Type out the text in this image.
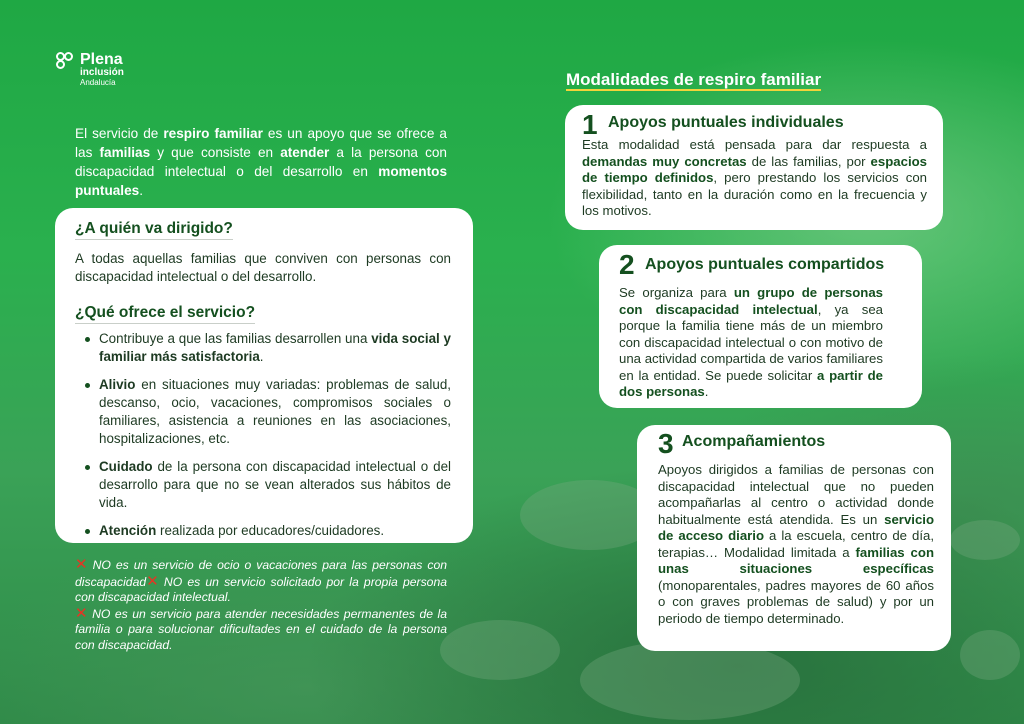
Plena
inclusión
Andalucía

El servicio de respiro familiar es un apoyo que se ofrece a las familias y que consiste en atender a la persona con discapacidad intelectual o del desarrollo en momentos puntuales.

¿A quién va dirigido?

A todas aquellas familias que conviven con personas con discapacidad intelectual o del desarrollo.

¿Qué ofrece el servicio?
Contribuye a que las familias desarrollen una vida social y familiar más satisfactoria.
Alivio en situaciones muy variadas: problemas de salud, descanso, ocio, vacaciones, compromisos sociales o familiares, asistencia a reuniones en las asociaciones, hospitalizaciones, etc.
Cuidado de la persona con discapacidad intelectual o del desarrollo para que no se vean alterados sus hábitos de vida.
Atención realizada por educadores/cuidadores.

✕ NO es un servicio de ocio o vacaciones para las personas con discapacidad✕ NO es un servicio solicitado por la propia persona con discapacidad intelectual.
✕ NO es un servicio para atender necesidades permanentes de la familia o para solucionar dificultades en el cuidado de la persona con discapacidad.

Modalidades de respiro familiar
1 Apoyos puntuales individuales

Esta modalidad está pensada para dar respuesta a demandas muy concretas de las familias, por espacios de tiempo definidos, pero prestando los servicios con flexibilidad, tanto en la duración como en la frecuencia y los motivos.

2 Apoyos puntuales compartidos

Se organiza para un grupo de personas con discapacidad intelectual, ya sea porque la familia tiene más de un miembro con discapacidad intelectual o con motivo de una actividad compartida de varios familiares en la entidad. Se puede solicitar a partir de dos personas.

3 Acompañamientos

Apoyos dirigidos a familias de personas con discapacidad intelectual que no pueden acompañarlas al centro o actividad donde habitualmente está atendida. Es un servicio de acceso diario a la escuela, centro de día, terapias… Modalidad limitada a familias con unas situaciones específicas (monoparentales, padres mayores de 60 años o con graves problemas de salud) y por un periodo de tiempo determinado.
